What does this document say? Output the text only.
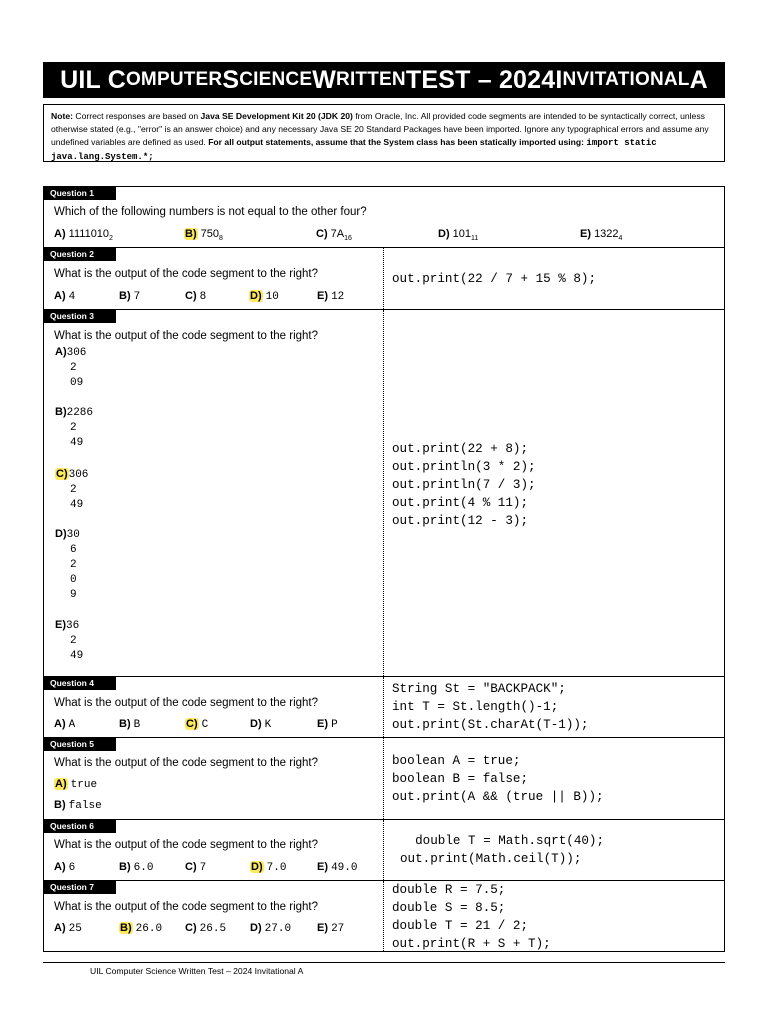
UIL C OMPUTER S CIENCE W RITTEN T EST – 2024 I NVITATIONAL A
Note: Correct responses are based on Java SE Development Kit 20 (JDK 20) from Oracle, Inc. All provided code segments are intended to be syntactically correct, unless otherwise stated (e.g., "error" is an answer choice) and any necessary Java SE 20 Standard Packages have been imported. Ignore any typographical errors and assume any undefined variables are defined as used. For all output statements, assume that the System class has been statically imported using: import static java.lang.System.*;
Question 1
Which of the following numbers is not equal to the other four?
A) $1111010_2$	B) $750_8$	C) $7A_{16}$	D) $101_{11}$	E) $1322_4$
Question 2
What is the output of the code segment to the right?	out.print(22 / 7 + 15 % 8);
A) 4	B) 7	C) 8	D) 10	E) 12
Question 3
What is the output of the code segment to the right?
out.print(22 + 8);
out.println(3 * 2);
out.println(7 / 3);
out.print(4 % 11);
out.print(12 - 3);
A)306
2
09
B)2286
2
49
C)306
2
49
D)30
6
2
0
9
E)36
2
49
Question 4
What is the output of the code segment to the right?
String St = "BACKPACK";
int T = St.length()-1;
out.print(St.charAt(T-1));
A) A	B) B	C) C	D) K	E) P
Question 5
What is the output of the code segment to the right?	boolean A = true;
boolean B = false;
out.print(A && (true || B));
A) true
B) false
Question 6
What is the output of the code segment to the right?	double T = Math.sqrt(40);
out.print(Math.ceil(T));
A) 6	B) 6.0	C) 7	D) 7.0	E) 49.0
Question 7
What is the output of the code segment to the right?
double R = 7.5;
double S = 8.5;
double T = 21 / 2;
out.print(R + S + T);
A) 25	B) 26.0 C) 26.5 D) 27.0 E) 27
UIL Computer Science Written Test – 2024 Invitational A
